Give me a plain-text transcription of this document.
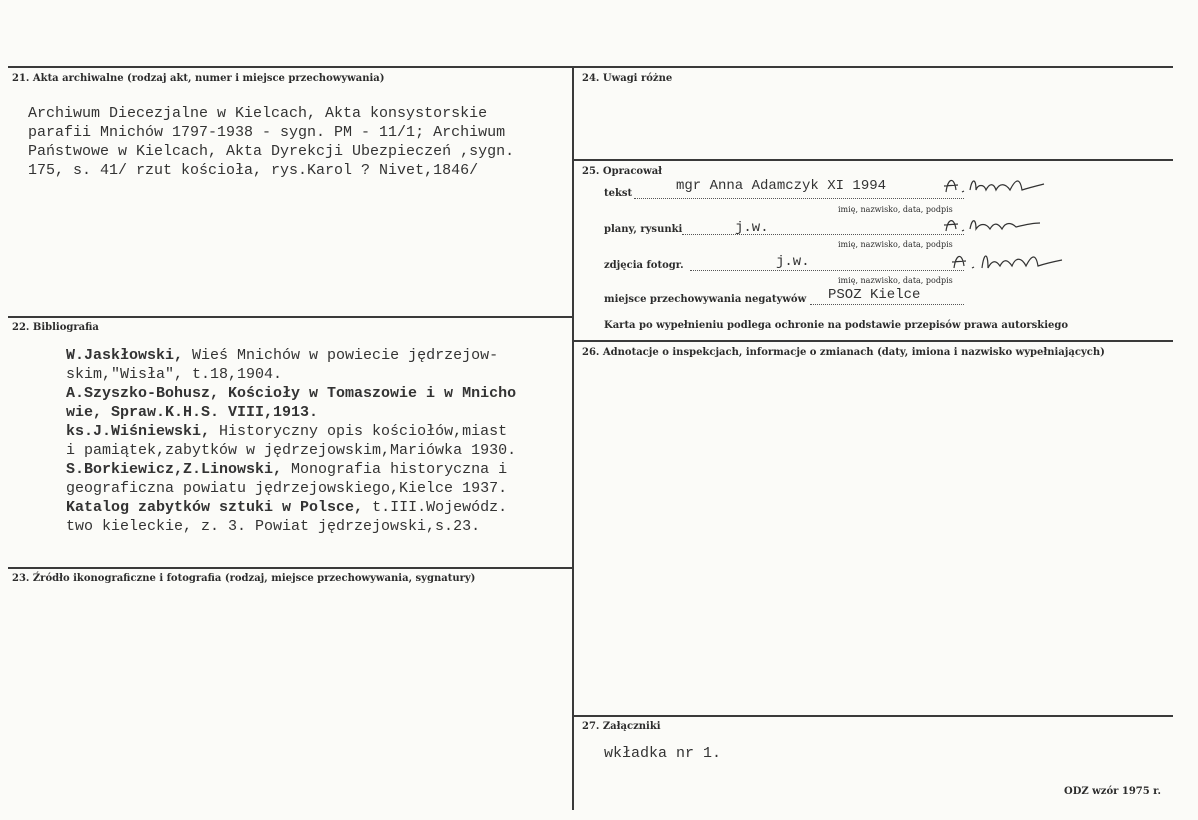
21. Akta archiwalne (rodzaj akt, numer i miejsce przechowywania)
Archiwum Diecezjalne w Kielcach, Akta konsystorskie
parafii Mnichów 1797-1938 - sygn. PM - 11/1; Archiwum
Państwowe w Kielcach, Akta Dyrekcji Ubezpieczeń ,sygn.
175, s. 41/ rzut kościoła, rys.Karol ? Nivet,1846/
22. Bibliografia
W.Jaskłowski, Wieś Mnichów w powiecie jędrzejow-
skim,"Wisła", t.18,1904.
A.Szyszko-Bohusz, Kościoły w Tomaszowie i w Mnicho
wie, Spraw.K.H.S. VIII,1913.
ks.J.Wiśniewski, Historyczny opis kościołów,miast
i pamiątek,zabytków w jędrzejowskim,Mariówka 1930.
S.Borkiewicz,Z.Linowski, Monografia historyczna i
geograficzna powiatu jędrzejowskiego,Kielce 1937.
Katalog zabytków sztuki w Polsce, t.III.Wojewódz.
two kieleckie, z. 3. Powiat jędrzejowski,s.23.
23. Źródło ikonograficzne i fotografia (rodzaj, miejsce przechowywania, sygnatury)
24. Uwagi różne
25. Opracował
tekst	mgr Anna Adamczyk XI 1994
imię, nazwisko, data, podpis
plany, rysunki	j.w.
imię, nazwisko, data, podpis
zdjęcia fotogr.	j.w.
imię, nazwisko, data, podpis
miejsce przechowywania negatywów PSOZ Kielce
Karta po wypełnieniu podlega ochronie na podstawie przepisów prawa autorskiego
26. Adnotacje o inspekcjach, informacje o zmianach (daty, imiona i nazwisko wypełniających)
27. Załączniki
wkładka nr 1.
ODZ wzór 1975 r.
